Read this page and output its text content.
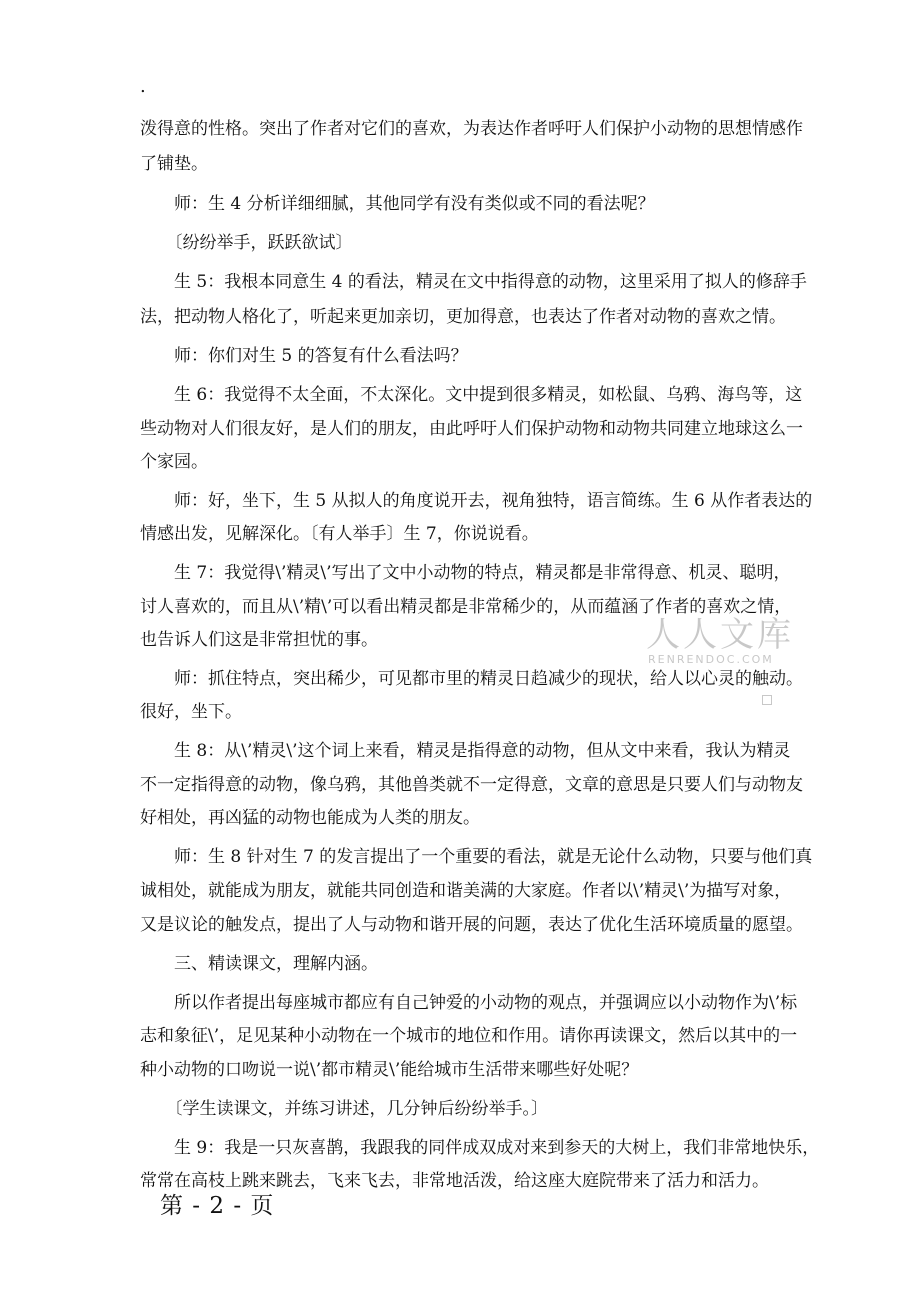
.
泼得意的性格。突出了作者对它们的喜欢，为表达作者呼吁人们保护小动物的思想情感作
了铺垫。
　　师：生 4 分析详细细腻，其他同学有没有类似或不同的看法呢？
　　〔纷纷举手，跃跃欲试〕
　　生 5：我根本同意生 4 的看法，精灵在文中指得意的动物，这里采用了拟人的修辞手
法，把动物人格化了，听起来更加亲切，更加得意，也表达了作者对动物的喜欢之情。
　　师：你们对生 5 的答复有什么看法吗？
　　生 6：我觉得不太全面，不太深化。文中提到很多精灵，如松鼠、乌鸦、海鸟等，这
些动物对人们很友好，是人们的朋友，由此呼吁人们保护动物和动物共同建立地球这么一
个家园。
　　师：好，坐下，生 5 从拟人的角度说开去，视角独特，语言简练。生 6 从作者表达的
情感出发，见解深化。〔有人举手〕生 7，你说说看。
　　生 7：我觉得\’精灵\’写出了文中小动物的特点，精灵都是非常得意、机灵、聪明，
讨人喜欢的，而且从\’精\’可以看出精灵都是非常稀少的，从而蕴涵了作者的喜欢之情，
也告诉人们这是非常担忧的事。
　　师：抓住特点，突出稀少，可见都市里的精灵日趋减少的现状，给人以心灵的触动。
很好，坐下。
　　生 8：从\’精灵\’这个词上来看，精灵是指得意的动物，但从文中来看，我认为精灵
不一定指得意的动物，像乌鸦，其他兽类就不一定得意，文章的意思是只要人们与动物友
好相处，再凶猛的动物也能成为人类的朋友。
　　师：生 8 针对生 7 的发言提出了一个重要的看法，就是无论什么动物，只要与他们真
诚相处，就能成为朋友，就能共同创造和谐美满的大家庭。作者以\’精灵\’为描写对象，
又是议论的触发点，提出了人与动物和谐开展的问题，表达了优化生活环境质量的愿望。
　　三、精读课文，理解内涵。
　　所以作者提出每座城市都应有自己钟爱的小动物的观点，并强调应以小动物作为\’标
志和象征\’，足见某种小动物在一个城市的地位和作用。请你再读课文，然后以其中的一
种小动物的口吻说一说\’都市精灵\’能给城市生活带来哪些好处呢？
　　〔学生读课文，并练习讲述，几分钟后纷纷举手。〕
　　生 9：我是一只灰喜鹊，我跟我的同伴成双成对来到参天的大树上，我们非常地快乐，
常常在高枝上跳来跳去，飞来飞去，非常地活泼，给这座大庭院带来了活力和活力。
第 - 2 - 页
人人文库
RENRENDOC.COM
